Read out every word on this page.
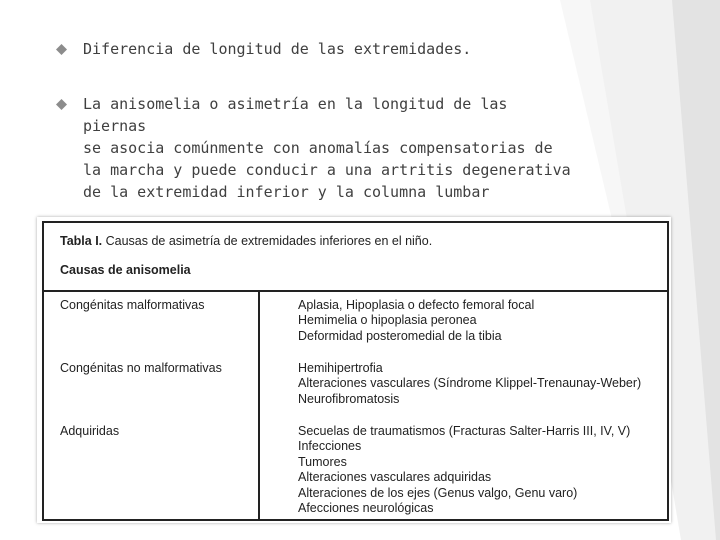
Diferencia de longitud de las extremidades.
La anisomelia o asimetría en la longitud de las piernas
se asocia comúnmente con anomalías compensatorias de
la marcha y puede conducir a una artritis degenerativa
de la extremidad inferior y la columna lumbar
Tabla I. Causas de asimetría de extremidades inferiores en el niño.
Causas de anisomelia
Congénitas malformativas	Aplasia, Hipoplasia o defecto femoral focal
Hemimelia o hipoplasia peronea
Deformidad posteromedial de la tibia
Congénitas no malformativas	Hemihipertrofia
Alteraciones vasculares (Síndrome Klippel-Trenaunay-Weber)
Neurofibromatosis
Adquiridas	Secuelas de traumatismos (Fracturas Salter-Harris III, IV, V)
Infecciones
Tumores
Alteraciones vasculares adquiridas
Alteraciones de los ejes (Genus valgo, Genu varo)
Afecciones neurológicas
